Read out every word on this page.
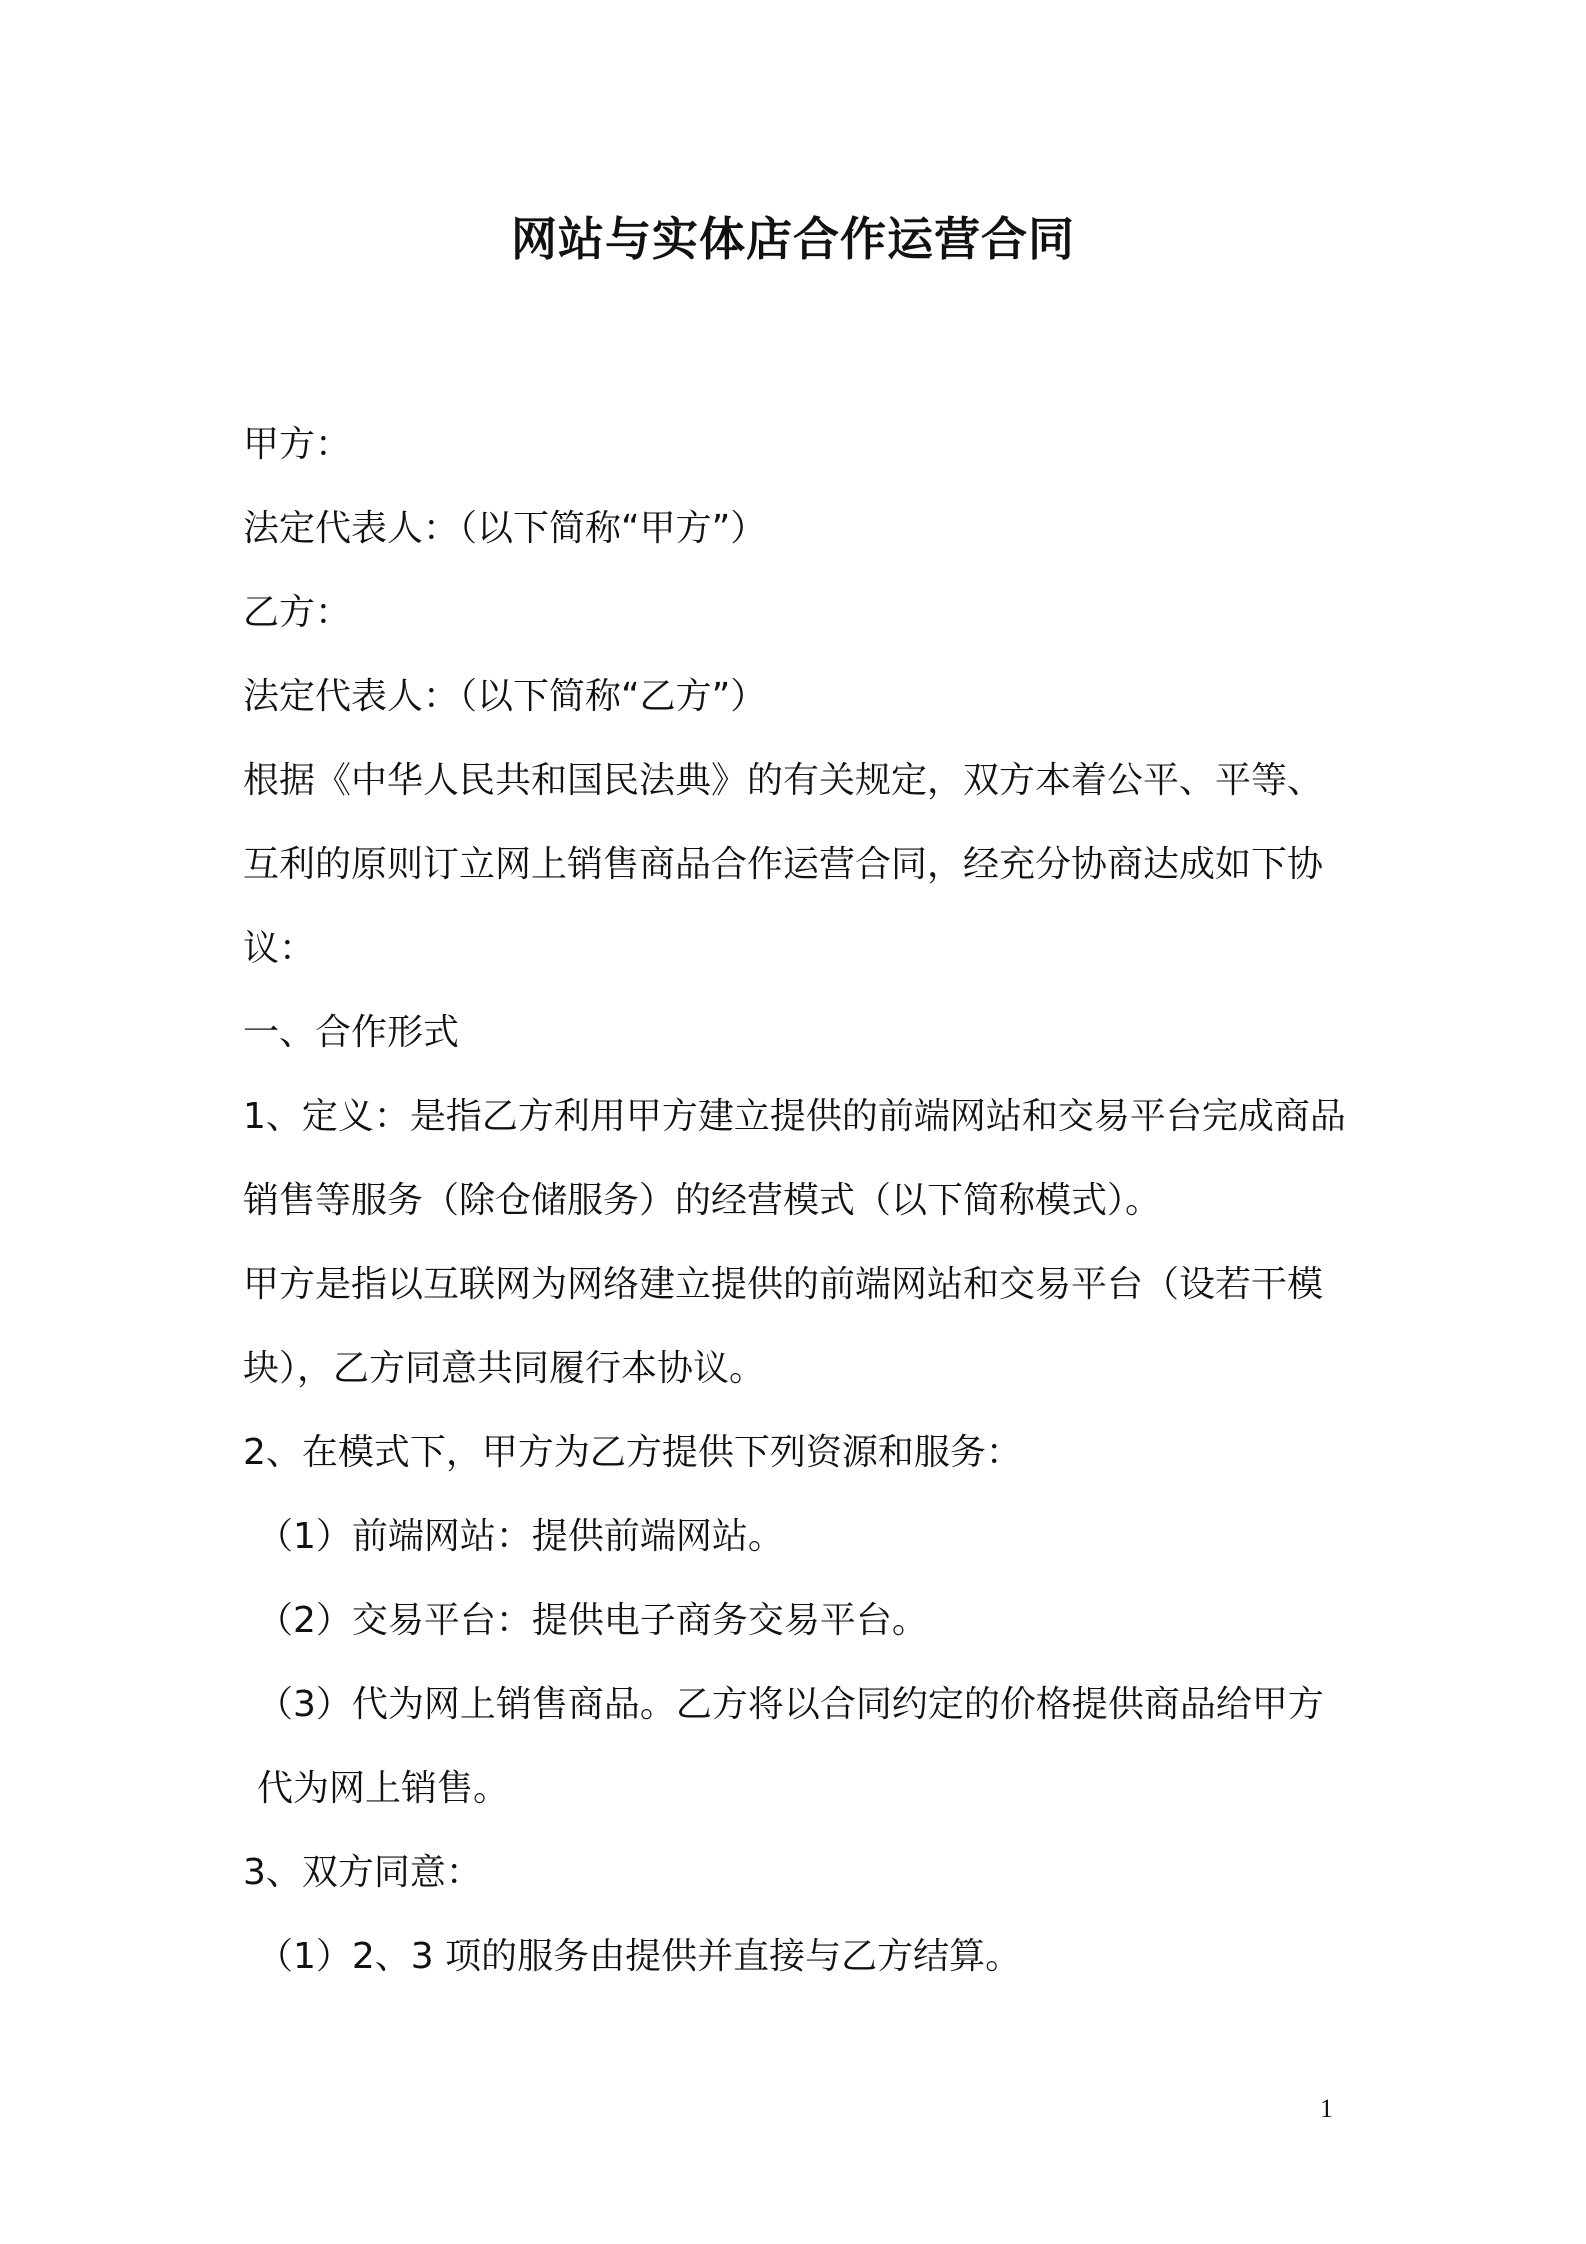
网站与实体店合作运营合同

甲方：

法定代表人：（以下简称“甲方”）

乙方：

法定代表人：（以下简称“乙方”）

根据《中华人民共和国民法典》的有关规定，双方本着公平、平等、互利的原则订立网上销售商品合作运营合同，经充分协商达成如下协议：

一、合作形式

1、定义：是指乙方利用甲方建立提供的前端网站和交易平台完成商品销售等服务（除仓储服务）的经营模式（以下简称模式）。

甲方是指以互联网为网络建立提供的前端网站和交易平台（设若干模块），乙方同意共同履行本协议。

2、在模式下，甲方为乙方提供下列资源和服务：

（1）前端网站：提供前端网站。

（2）交易平台：提供电子商务交易平台。

（3）代为网上销售商品。乙方将以合同约定的价格提供商品给甲方代为网上销售。

3、双方同意：

（1）2、3 项的服务由提供并直接与乙方结算。

1
